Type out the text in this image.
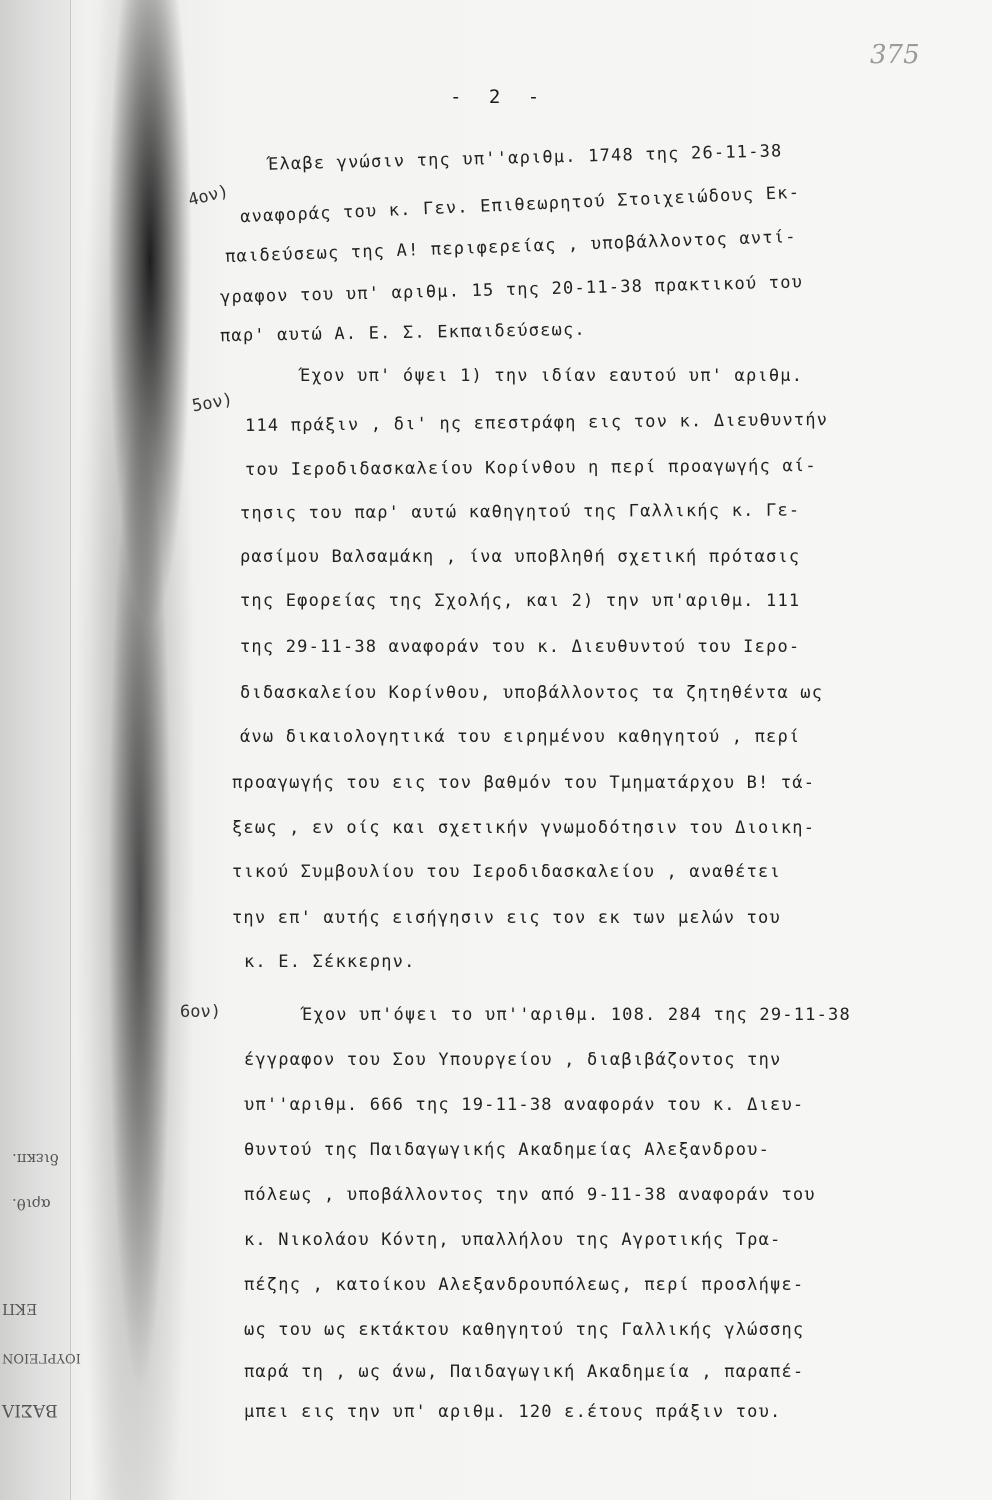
διεκπ.
αριθ.
ΕΚΠ
ΙΟΥΡΓΕΙΟΝ
ΒΑΣΙΛ
375
- 2 -
4ον)
5ον)
6ον)
Έλαβε γνώσιν της υπ''αριθμ. 1748 της 26-11-38
αναφοράς του κ. Γεν. Επιθεωρητού Στοιχειώδους Εκ-
παιδεύσεως της Α! περιφερείας , υποβάλλοντος αντί-
γραφον του υπ' αριθμ. 15 της 20-11-38 πρακτικού του
παρ' αυτώ Α. Ε. Σ. Εκπαιδεύσεως.
Έχον υπ' όψει 1) την ιδίαν εαυτού υπ' αριθμ.
114 πράξιν , δι' ης επεστράφη εις τον κ. Διευθυντήν
του Ιεροδιδασκαλείου Κορίνθου η περί προαγωγής αί-
τησις του παρ' αυτώ καθηγητού της Γαλλικής κ. Γε-
ρασίμου Βαλσαμάκη , ίνα υποβληθή σχετική πρότασις
της Εφορείας της Σχολής, και 2) την υπ'αριθμ. 111
της 29-11-38 αναφοράν του κ. Διευθυντού του Ιερο-
διδασκαλείου Κορίνθου, υποβάλλοντος τα ζητηθέντα ως
άνω δικαιολογητικά του ειρημένου καθηγητού , περί
προαγωγής του εις τον βαθμόν του Τμηματάρχου Β! τά-
ξεως , εν οίς και σχετικήν γνωμοδότησιν του Διοικη-
τικού Συμβουλίου του Ιεροδιδασκαλείου , αναθέτει
την επ' αυτής εισήγησιν εις τον εκ των μελών του
κ. Ε. Σέκκερην.
Έχον υπ'όψει το υπ''αριθμ. 108. 284 της 29-11-38
έγγραφον του Σου Υπουργείου , διαβιβάζοντος την
υπ''αριθμ. 666 της 19-11-38 αναφοράν του κ. Διευ-
θυντού της Παιδαγωγικής Ακαδημείας Αλεξανδρου-
πόλεως , υποβάλλοντος την από 9-11-38 αναφοράν του
κ. Νικολάου Κόντη, υπαλλήλου της Αγροτικής Τρα-
πέζης , κατοίκου Αλεξανδρουπόλεως, περί προσλήψε-
ως του ως εκτάκτου καθηγητού της Γαλλικής γλώσσης
παρά τη , ως άνω, Παιδαγωγική Ακαδημεία , παραπέ-
μπει εις την υπ' αριθμ. 120 ε.έτους πράξιν του.
